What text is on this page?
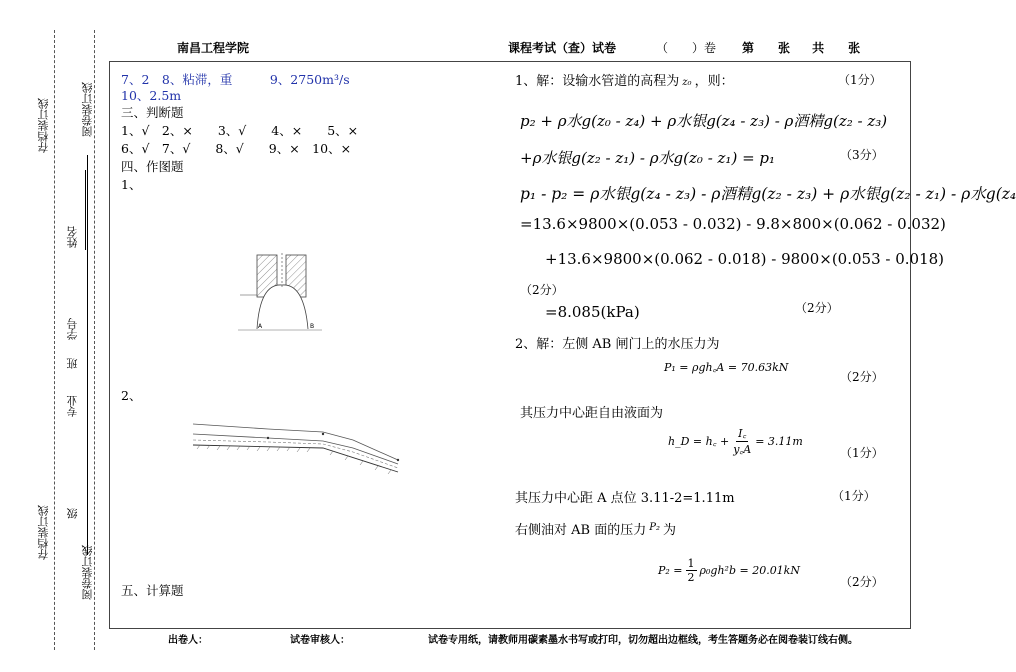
存档装订线
存档装订线
阅卷装订线
阅卷装订线
姓名
学号
班
专业
级
南昌工程学院	课程考试（查）试卷	（　　）卷 第　　张 共　　张
7、2　8、粘滞，重　　　9、2750m³/s
10、2.5m
三、判断题
1、√　2、×　　3、√　　4、×　　5、×
6、√　7、√　　8、√　　9、×　10、×
四、作图题
1、
A	B
2、
五、计算题
1、解：设输水管道的高程为 z₀ ，则：	（1分）
p₂ + ρ水g(z₀ - z₄) + ρ水银g(z₄ - z₃) - ρ酒精g(z₂ - z₃)
+ρ水银g(z₂ - z₁) - ρ水g(z₀ - z₁) = p₁	（3分）
p₁ - p₂ = ρ水银g(z₄ - z₃) - ρ酒精g(z₂ - z₃) + ρ水银g(z₂ - z₁) - ρ水g(z₄
=13.6×9800×(0.053 - 0.032) - 9.8×800×(0.062 - 0.032)
+13.6×9800×(0.062 - 0.018) - 9800×(0.053 - 0.018)
（2分）
=8.085(kPa)	（2分）
2、解：左侧 AB 闸门上的水压力为
P₁ = ρgh꜀A = 70.63kN
（2分）
其压力中心距自由液面为
h_D = h꜀ + $\frac{I꜀}{y꜀A} = 3.11m$
（1分）
其压力中心距 A 点位 3.11-2=1.11m	（1分）
右侧油对 AB 面的压力 $^{P_2}$ 为
$P_2 = \frac{1}{2} \rho_0gh^2b = 20.01kN$
（2分）
出卷人：	试卷审核人：	试卷专用纸，请教师用碳素墨水书写或打印，切勿超出边框线，考生答题务必在阅卷装订线右侧。
